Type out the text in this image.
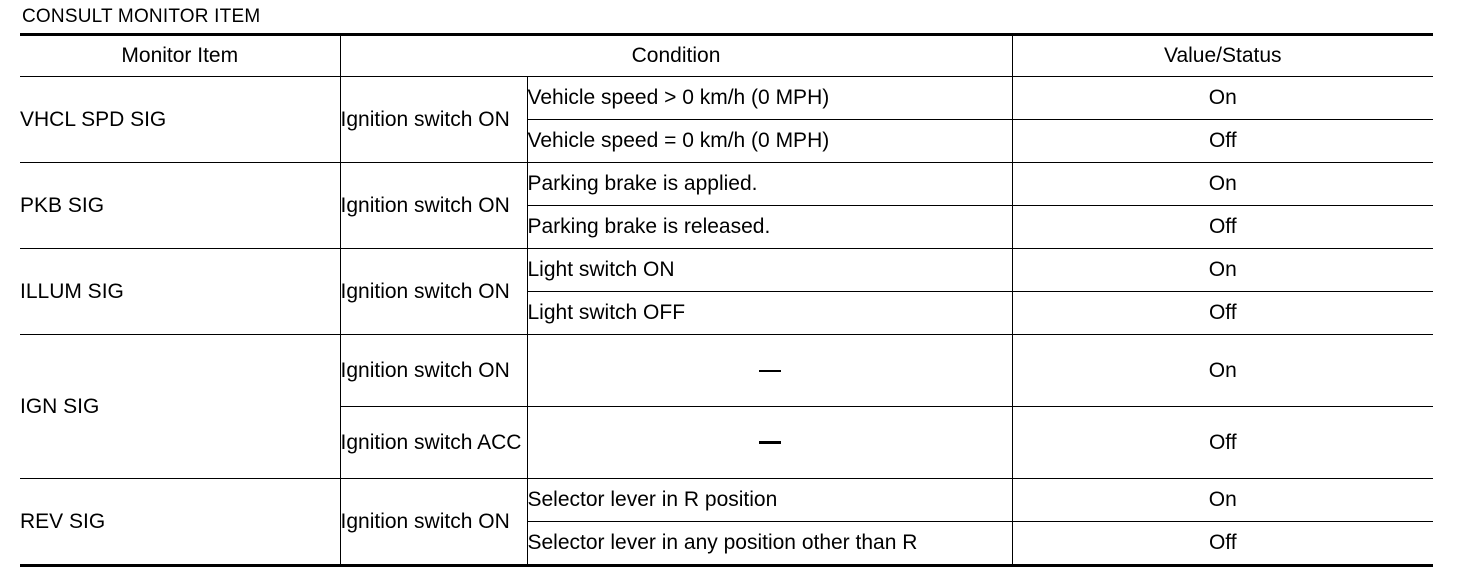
CONSULT MONITOR ITEM
Monitor Item	Condition		Value/Status
VHCL SPD SIG	Ignition switch ON	Vehicle speed > 0 km/h (0 MPH)	On
		Vehicle speed = 0 km/h (0 MPH)	Off
PKB SIG	Ignition switch ON	Parking brake is applied.	On
		Parking brake is released.	Off
ILLUM SIG	Ignition switch ON	Light switch ON	On
		Light switch OFF	Off
IGN SIG	Ignition switch ON		On
	Ignition switch ACC		Off
REV SIG	Ignition switch ON	Selector lever in R position	On
		Selector lever in any position other than R	Off
